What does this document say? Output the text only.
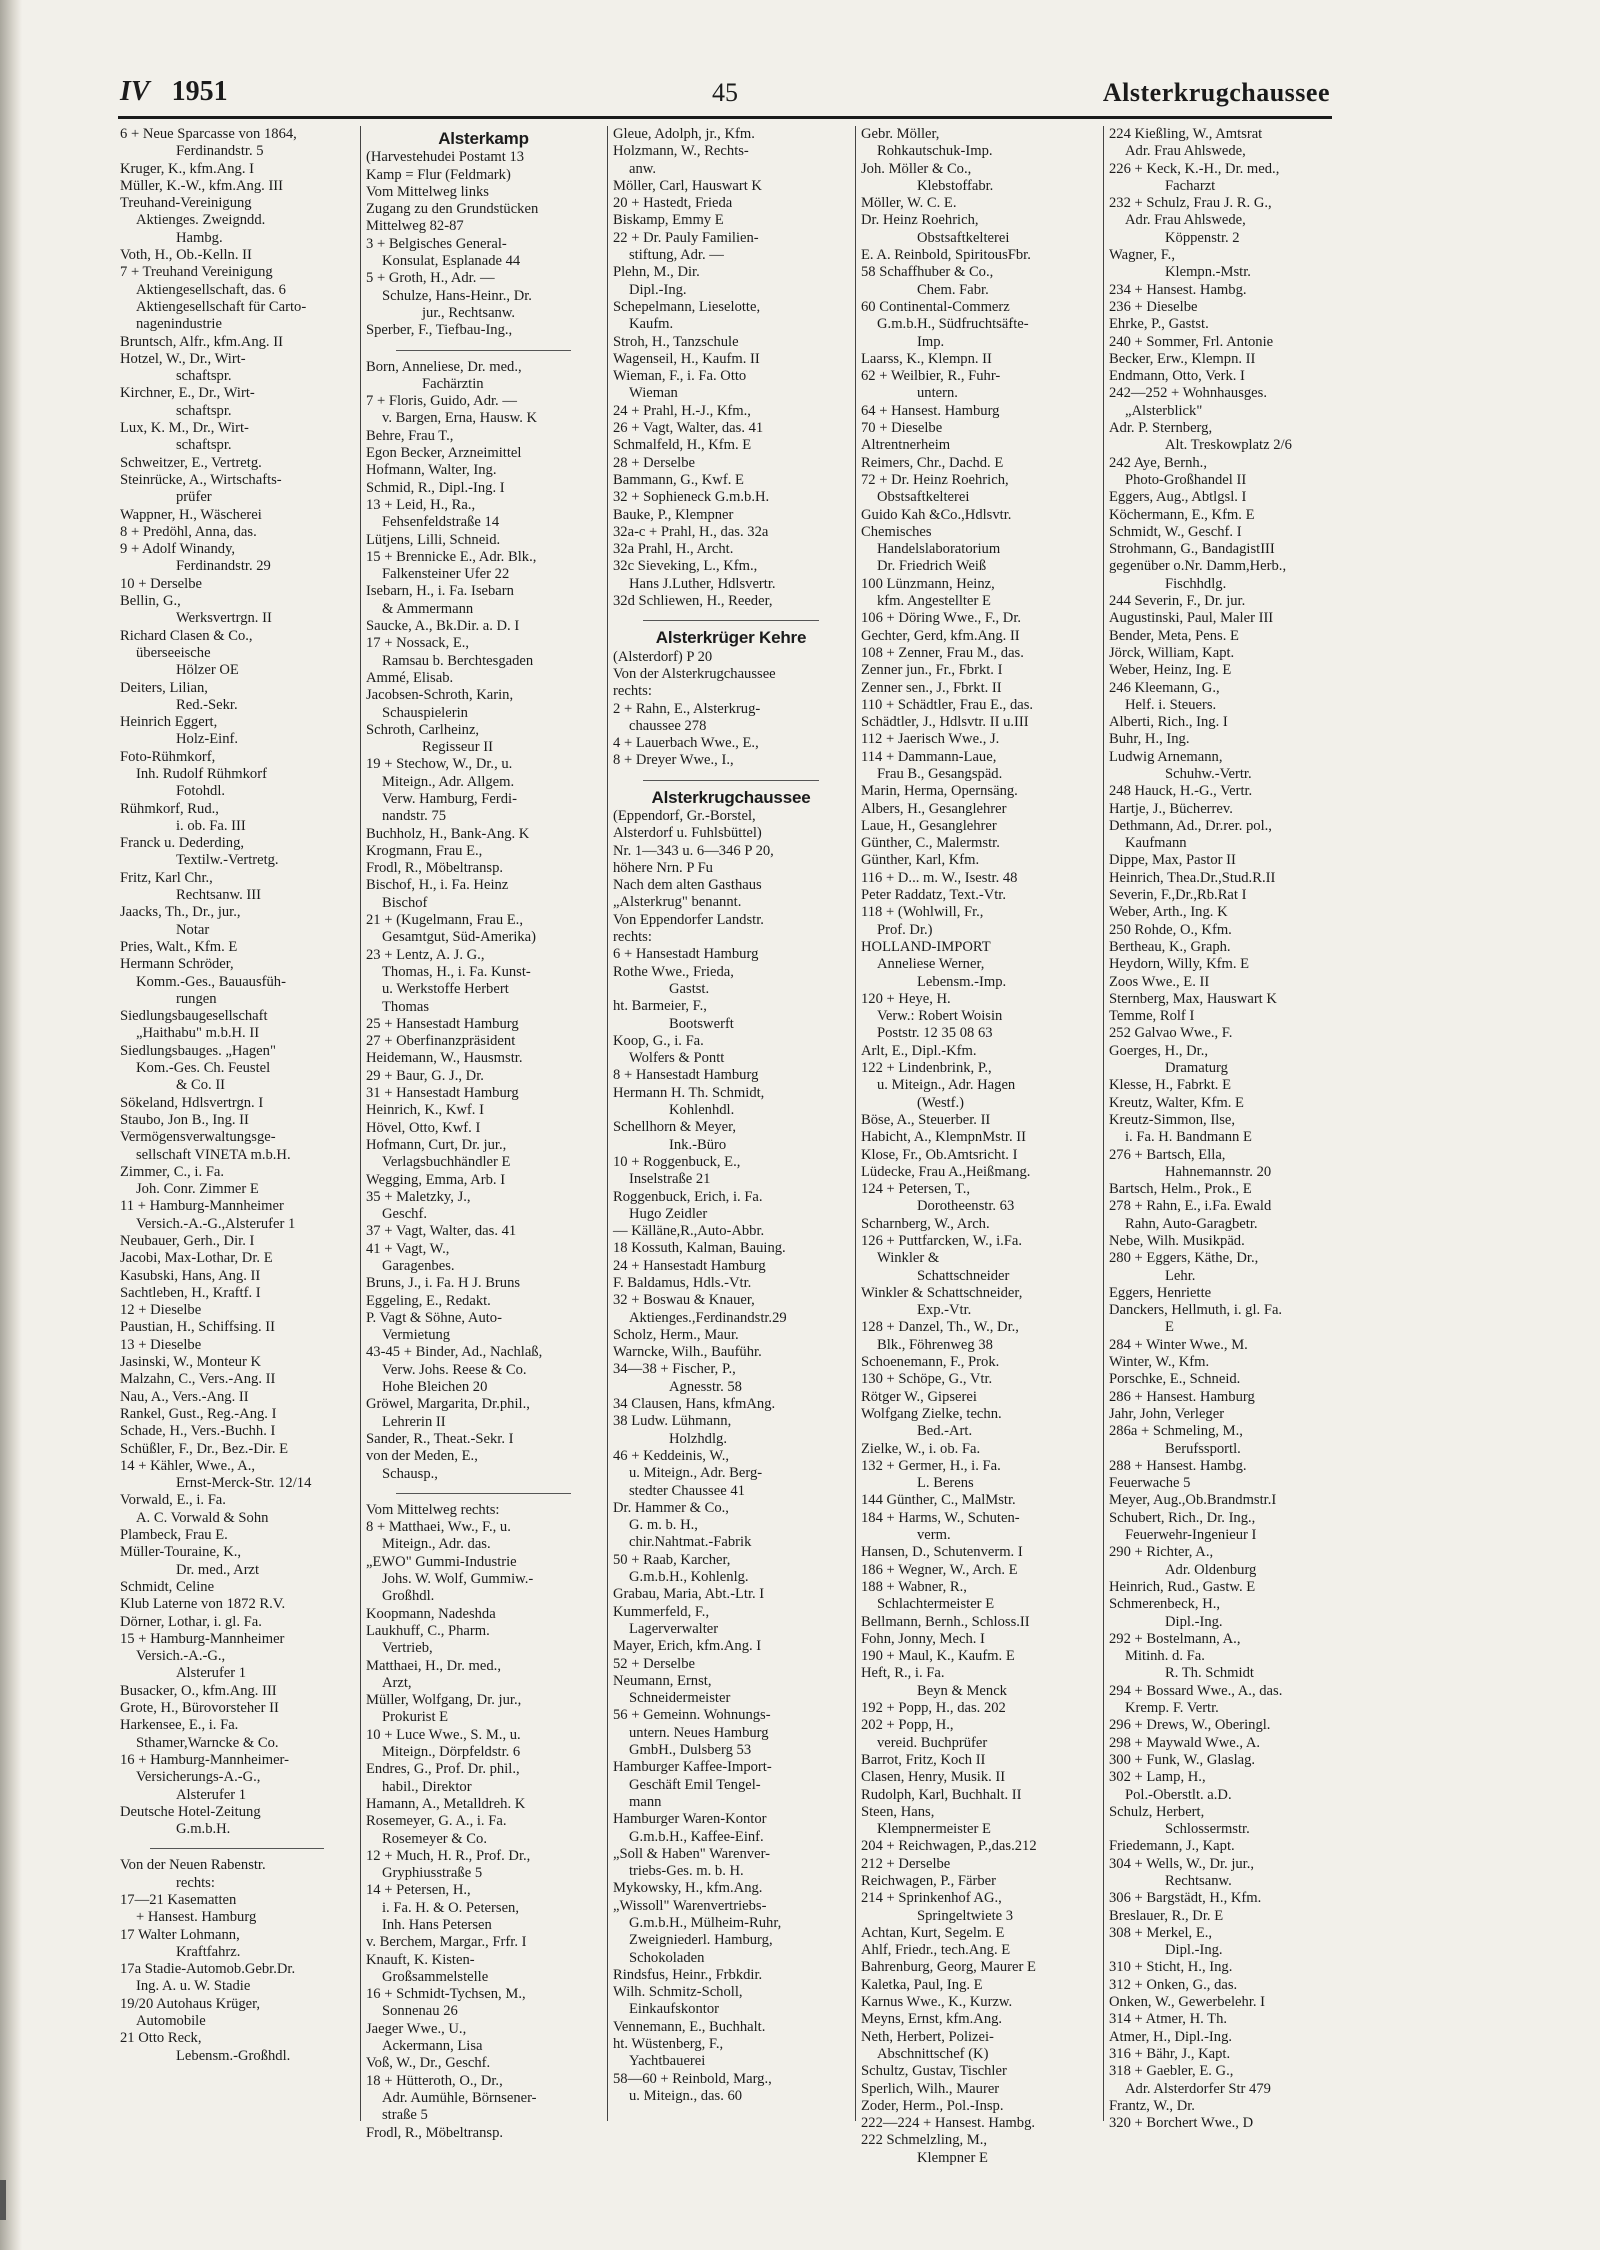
IV 1951	45	Alsterkrugchaussee
6 + Neue Sparcasse von 1864,
Ferdinandstr. 5
Kruger, K., kfm.Ang. I
Müller, K.-W., kfm.Ang. III
Treuhand-Vereinigung
Aktienges. Zweigndd.
Hambg.
Voth, H., Ob.-Kelln. II
7 + Treuhand Vereinigung
Aktiengesellschaft, das. 6
Aktiengesellschaft für Carto-
nagenindustrie
Bruntsch, Alfr., kfm.Ang. II
Hotzel, W., Dr., Wirt-
schaftspr.
Kirchner, E., Dr., Wirt-
schaftspr.
Lux, K. M., Dr., Wirt-
schaftspr.
Schweitzer, E., Vertretg.
Steinrücke, A., Wirtschafts-
prüfer
Wappner, H., Wäscherei
8 + Predöhl, Anna, das.
9 + Adolf Winandy,
Ferdinandstr. 29
10 + Derselbe
Bellin, G.,
Werksvertrgn. II
Richard Clasen & Co.,
überseeische
Hölzer OE
Deiters, Lilian,
Red.-Sekr.
Heinrich Eggert,
Holz-Einf.
Foto-Rühmkorf,
Inh. Rudolf Rühmkorf
Fotohdl.
Rühmkorf, Rud.,
i. ob. Fa. III
Franck u. Dederding,
Textilw.-Vertretg.
Fritz, Karl Chr.,
Rechtsanw. III
Jaacks, Th., Dr., jur.,
Notar
Pries, Walt., Kfm. E
Hermann Schröder,
Komm.-Ges., Bauausfüh-
rungen
Siedlungsbaugesellschaft
„Haithabu" m.b.H. II
Siedlungsbauges. „Hagen"
Kom.-Ges. Ch. Feustel
& Co. II
Sökeland, Hdlsvertrgn. I
Staubo, Jon B., Ing. II
Vermögensverwaltungsge-
sellschaft VINETA m.b.H.
Zimmer, C., i. Fa.
Joh. Conr. Zimmer E
11 + Hamburg-Mannheimer
Versich.-A.-G.,Alsterufer 1
Neubauer, Gerh., Dir. I
Jacobi, Max-Lothar, Dr. E
Kasubski, Hans, Ang. II
Sachtleben, H., Kraftf. I
12 + Dieselbe
Paustian, H., Schiffsing. II
13 + Dieselbe
Jasinski, W., Monteur K
Malzahn, C., Vers.-Ang. II
Nau, A., Vers.-Ang. II
Rankel, Gust., Reg.-Ang. I
Schade, H., Vers.-Buchh. I
Schüßler, F., Dr., Bez.-Dir. E
14 + Kähler, Wwe., A.,
Ernst-Merck-Str. 12/14
Vorwald, E., i. Fa.
A. C. Vorwald & Sohn
Plambeck, Frau E.
Müller-Touraine, K.,
Dr. med., Arzt
Schmidt, Celine
Klub Laterne von 1872 R.V.
Dörner, Lothar, i. gl. Fa.
15 + Hamburg-Mannheimer
Versich.-A.-G.,
Alsterufer 1
Busacker, O., kfm.Ang. III
Grote, H., Bürovorsteher II
Harkensee, E., i. Fa.
Sthamer,Warncke & Co.
16 + Hamburg-Mannheimer-
Versicherungs-A.-G.,
Alsterufer 1
Deutsche Hotel-Zeitung
G.m.b.H.
Von der Neuen Rabenstr.
rechts:
17—21 Kasematten
+ Hansest. Hamburg
17 Walter Lohmann,
Kraftfahrz.
17a Stadie-Automob.Gebr.Dr.
Ing. A. u. W. Stadie
19/20 Autohaus Krüger,
Automobile
21 Otto Reck,
Lebensm.-Großhdl.
Alsterkamp
(Harvestehudei Postamt 13
Kamp = Flur (Feldmark)
Vom Mittelweg links
Zugang zu den Grundstücken
Mittelweg 82-87
3 + Belgisches General-
Konsulat, Esplanade 44
5 + Groth, H., Adr. —
Schulze, Hans-Heinr., Dr.
jur., Rechtsanw.
Sperber, F., Tiefbau-Ing.,
Born, Anneliese, Dr. med.,
Fachärztin
7 + Floris, Guido, Adr. —
v. Bargen, Erna, Hausw. K
Behre, Frau T.,
Egon Becker, Arzneimittel
Hofmann, Walter, Ing.
Schmid, R., Dipl.-Ing. I
13 + Leid, H., Ra.,
Fehsenfeldstraße 14
Lütjens, Lilli, Schneid.
15 + Brennicke E., Adr. Blk.,
Falkensteiner Ufer 22
Isebarn, H., i. Fa. Isebarn
& Ammermann
Saucke, A., Bk.Dir. a. D. I
17 + Nossack, E.,
Ramsau b. Berchtesgaden
Ammé, Elisab.
Jacobsen-Schroth, Karin,
Schauspielerin
Schroth, Carlheinz,
Regisseur II
19 + Stechow, W., Dr., u.
Miteign., Adr. Allgem.
Verw. Hamburg, Ferdi-
nandstr. 75
Buchholz, H., Bank-Ang. K
Krogmann, Frau E.,
Frodl, R., Möbeltransp.
Bischof, H., i. Fa. Heinz
Bischof
21 + (Kugelmann, Frau E.,
Gesamtgut, Süd-Amerika)
23 + Lentz, A. J. G.,
Thomas, H., i. Fa. Kunst-
u. Werkstoffe Herbert
Thomas
25 + Hansestadt Hamburg
27 + Oberfinanzpräsident
Heidemann, W., Hausmstr.
29 + Baur, G. J., Dr.
31 + Hansestadt Hamburg
Heinrich, K., Kwf. I
Hövel, Otto, Kwf. I
Hofmann, Curt, Dr. jur.,
Verlagsbuchhändler E
Wegging, Emma, Arb. I
35 + Maletzky, J.,
Geschf.
37 + Vagt, Walter, das. 41
41 + Vagt, W.,
Garagenbes.
Bruns, J., i. Fa. H J. Bruns
Eggeling, E., Redakt.
P. Vagt & Söhne, Auto-
Vermietung
43-45 + Binder, Ad., Nachlaß,
Verw. Johs. Reese & Co.
Hohe Bleichen 20
Gröwel, Margarita, Dr.phil.,
Lehrerin II
Sander, R., Theat.-Sekr. I
von der Meden, E.,
Schausp.,
Vom Mittelweg rechts:
8 + Matthaei, Ww., F., u.
Miteign., Adr. das.
„EWO" Gummi-Industrie
Johs. W. Wolf, Gummiw.-
Großhdl.
Koopmann, Nadeshda
Laukhuff, C., Pharm.
Vertrieb,
Matthaei, H., Dr. med.,
Arzt,
Müller, Wolfgang, Dr. jur.,
Prokurist E
10 + Luce Wwe., S. M., u.
Miteign., Dörpfeldstr. 6
Endres, G., Prof. Dr. phil.,
habil., Direktor
Hamann, A., Metalldreh. K
Rosemeyer, G. A., i. Fa.
Rosemeyer & Co.
12 + Much, H. R., Prof. Dr.,
Gryphiusstraße 5
14 + Petersen, H.,
i. Fa. H. & O. Petersen,
Inh. Hans Petersen
v. Berchem, Margar., Frfr. I
Knauft, K. Kisten-
Großsammelstelle
16 + Schmidt-Tychsen, M.,
Sonnenau 26
Jaeger Wwe., U.,
Ackermann, Lisa
Voß, W., Dr., Geschf.
18 + Hütteroth, O., Dr.,
Adr. Aumühle, Börnsener-
straße 5
Frodl, R., Möbeltransp.
Gleue, Adolph, jr., Kfm.
Holzmann, W., Rechts-
anw.
Möller, Carl, Hauswart K
20 + Hastedt, Frieda
Biskamp, Emmy E
22 + Dr. Pauly Familien-
stiftung, Adr. —
Plehn, M., Dir.
Dipl.-Ing.
Schepelmann, Lieselotte,
Kaufm.
Stroh, H., Tanzschule
Wagenseil, H., Kaufm. II
Wieman, F., i. Fa. Otto
Wieman
24 + Prahl, H.-J., Kfm.,
26 + Vagt, Walter, das. 41
Schmalfeld, H., Kfm. E
28 + Derselbe
Bammann, G., Kwf. E
32 + Sophieneck G.m.b.H.
Bauke, P., Klempner
32a-c + Prahl, H., das. 32a
32a Prahl, H., Archt.
32c Sieveking, L., Kfm.,
Hans J.Luther, Hdlsvertr.
32d Schliewen, H., Reeder,
Alsterkrüger Kehre
(Alsterdorf) P 20
Von der Alsterkrugchaussee
rechts:
2 + Rahn, E., Alsterkrug-
chaussee 278
4 + Lauerbach Wwe., E.,
8 + Dreyer Wwe., I.,
Alsterkrugchaussee
(Eppendorf, Gr.-Borstel,
Alsterdorf u. Fuhlsbüttel)
Nr. 1—343 u. 6—346 P 20,
höhere Nrn. P Fu
Nach dem alten Gasthaus
„Alsterkrug" benannt.
Von Eppendorfer Landstr.
rechts:
6 + Hansestadt Hamburg
Rothe Wwe., Frieda,
Gastst.
ht. Barmeier, F.,
Bootswerft
Koop, G., i. Fa.
Wolfers & Pontt
8 + Hansestadt Hamburg
Hermann H. Th. Schmidt,
Kohlenhdl.
Schellhorn & Meyer,
Ink.-Büro
10 + Roggenbuck, E.,
Inselstraße 21
Roggenbuck, Erich, i. Fa.
Hugo Zeidler
— Källäne,R.,Auto-Abbr.
18 Kossuth, Kalman, Bauing.
24 + Hansestadt Hamburg
F. Baldamus, Hdls.-Vtr.
32 + Boswau & Knauer,
Aktienges.,Ferdinandstr.29
Scholz, Herm., Maur.
Warncke, Wilh., Bauführ.
34—38 + Fischer, P.,
Agnesstr. 58
34 Clausen, Hans, kfmAng.
38 Ludw. Lühmann,
Holzhdlg.
46 + Keddeinis, W.,
u. Miteign., Adr. Berg-
stedter Chaussee 41
Dr. Hammer & Co.,
G. m. b. H.,
chir.Nahtmat.-Fabrik
50 + Raab, Karcher,
G.m.b.H., Kohlenlg.
Grabau, Maria, Abt.-Ltr. I
Kummerfeld, F.,
Lagerverwalter
Mayer, Erich, kfm.Ang. I
52 + Derselbe
Neumann, Ernst,
Schneidermeister
56 + Gemeinn. Wohnungs-
untern. Neues Hamburg
GmbH., Dulsberg 53
Hamburger Kaffee-Import-
Geschäft Emil Tengel-
mann
Hamburger Waren-Kontor
G.m.b.H., Kaffee-Einf.
„Soll & Haben" Warenver-
triebs-Ges. m. b. H.
Mykowsky, H., kfm.Ang.
„Wissoll" Warenvertriebs-
G.m.b.H., Mülheim-Ruhr,
Zweigniederl. Hamburg,
Schokoladen
Rindsfus, Heinr., Frbkdir.
Wilh. Schmitz-Scholl,
Einkaufskontor
Vennemann, E., Buchhalt.
ht. Wüstenberg, F.,
Yachtbauerei
58—60 + Reinbold, Marg.,
u. Miteign., das. 60
Gebr. Möller,
Rohkautschuk-Imp.
Joh. Möller & Co.,
Klebstoffabr.
Möller, W. C. E.
Dr. Heinz Roehrich,
Obstsaftkelterei
E. A. Reinbold, SpiritousFbr.
58 Schaffhuber & Co.,
Chem. Fabr.
60 Continental-Commerz
G.m.b.H., Südfruchtsäfte-
Imp.
Laarss, K., Klempn. II
62 + Weilbier, R., Fuhr-
untern.
64 + Hansest. Hamburg
70 + Dieselbe
Altrentnerheim
Reimers, Chr., Dachd. E
72 + Dr. Heinz Roehrich,
Obstsaftkelterei
Guido Kah &Co.,Hdlsvtr.
Chemisches
Handelslaboratorium
Dr. Friedrich Weiß
100 Lünzmann, Heinz,
kfm. Angestellter E
106 + Döring Wwe., F., Dr.
Gechter, Gerd, kfm.Ang. II
108 + Zenner, Frau M., das.
Zenner jun., Fr., Fbrkt. I
Zenner sen., J., Fbrkt. II
110 + Schädtler, Frau E., das.
Schädtler, J., Hdlsvtr. II u.III
112 + Jaerisch Wwe., J.
114 + Dammann-Laue,
Frau B., Gesangspäd.
Marin, Herma, Opernsäng.
Albers, H., Gesanglehrer
Laue, H., Gesanglehrer
Günther, C., Malermstr.
Günther, Karl, Kfm.
116 + D... m. W., Isestr. 48
Peter Raddatz, Text.-Vtr.
118 + (Wohlwill, Fr.,
Prof. Dr.)
HOLLAND-IMPORT
Anneliese Werner,
Lebensm.-Imp.
120 + Heye, H.
Verw.: Robert Woisin
Poststr. 12 35 08 63
Arlt, E., Dipl.-Kfm.
122 + Lindenbrink, P.,
u. Miteign., Adr. Hagen
(Westf.)
Böse, A., Steuerber. II
Habicht, A., KlempnMstr. II
Klose, Fr., Ob.Amtsricht. I
Lüdecke, Frau A.,Heißmang.
124 + Petersen, T.,
Dorotheenstr. 63
Scharnberg, W., Arch.
126 + Puttfarcken, W., i.Fa.
Winkler &
Schattschneider
Winkler & Schattschneider,
Exp.-Vtr.
128 + Danzel, Th., W., Dr.,
Blk., Föhrenweg 38
Schoenemann, F., Prok.
130 + Schöpe, G., Vtr.
Rötger W., Gipserei
Wolfgang Zielke, techn.
Bed.-Art.
Zielke, W., i. ob. Fa.
132 + Germer, H., i. Fa.
L. Berens
144 Günther, C., MalMstr.
184 + Harms, W., Schuten-
verm.
Hansen, D., Schutenverm. I
186 + Wegner, W., Arch. E
188 + Wabner, R.,
Schlachtermeister E
Bellmann, Bernh., Schloss.II
Fohn, Jonny, Mech. I
190 + Maul, K., Kaufm. E
Heft, R., i. Fa.
Beyn & Menck
192 + Popp, H., das. 202
202 + Popp, H.,
vereid. Buchprüfer
Barrot, Fritz, Koch II
Clasen, Henry, Musik. II
Rudolph, Karl, Buchhalt. II
Steen, Hans,
Klempnermeister E
204 + Reichwagen, P.,das.212
212 + Derselbe
Reichwagen, P., Färber
214 + Sprinkenhof AG.,
Springeltwiete 3
Achtan, Kurt, Segelm. E
Ahlf, Friedr., tech.Ang. E
Bahrenburg, Georg, Maurer E
Kaletka, Paul, Ing. E
Karnus Wwe., K., Kurzw.
Meyns, Ernst, kfm.Ang.
Neth, Herbert, Polizei-
Abschnittschef (K)
Schultz, Gustav, Tischler
Sperlich, Wilh., Maurer
Zoder, Herm., Pol.-Insp.
222—224 + Hansest. Hambg.
222 Schmelzling, M.,
Klempner E
224 Kießling, W., Amtsrat
Adr. Frau Ahlswede,
226 + Keck, K.-H., Dr. med.,
Facharzt
232 + Schulz, Frau J. R. G.,
Adr. Frau Ahlswede,
Köppenstr. 2
Wagner, F.,
Klempn.-Mstr.
234 + Hansest. Hambg.
236 + Dieselbe
Ehrke, P., Gastst.
240 + Sommer, Frl. Antonie
Becker, Erw., Klempn. II
Endmann, Otto, Verk. I
242—252 + Wohnhausges.
„Alsterblick"
Adr. P. Sternberg,
Alt. Treskowplatz 2/6
242 Aye, Bernh.,
Photo-Großhandel II
Eggers, Aug., Abtlgsl. I
Köchermann, E., Kfm. E
Schmidt, W., Geschf. I
Strohmann, G., BandagistIII
gegenüber o.Nr. Damm,Herb.,
Fischhdlg.
244 Severin, F., Dr. jur.
Augustinski, Paul, Maler III
Bender, Meta, Pens. E
Jörck, William, Kapt.
Weber, Heinz, Ing. E
246 Kleemann, G.,
Helf. i. Steuers.
Alberti, Rich., Ing. I
Buhr, H., Ing.
Ludwig Arnemann,
Schuhw.-Vertr.
248 Hauck, H.-G., Vertr.
Hartje, J., Bücherrev.
Dethmann, Ad., Dr.rer. pol.,
Kaufmann
Dippe, Max, Pastor II
Heinrich, Thea.Dr.,Stud.R.II
Severin, F.,Dr.,Rb.Rat I
Weber, Arth., Ing. K
250 Rohde, O., Kfm.
Bertheau, K., Graph.
Heydorn, Willy, Kfm. E
Zoos Wwe., E. II
Sternberg, Max, Hauswart K
Temme, Rolf I
252 Galvao Wwe., F.
Goerges, H., Dr.,
Dramaturg
Klesse, H., Fabrkt. E
Kreutz, Walter, Kfm. E
Kreutz-Simmon, Ilse,
i. Fa. H. Bandmann E
276 + Bartsch, Ella,
Hahnemannstr. 20
Bartsch, Helm., Prok., E
278 + Rahn, E., i.Fa. Ewald
Rahn, Auto-Garagbetr.
Nebe, Wilh. Musikpäd.
280 + Eggers, Käthe, Dr.,
Lehr.
Eggers, Henriette
Danckers, Hellmuth, i. gl. Fa.
E
284 + Winter Wwe., M.
Winter, W., Kfm.
Porschke, E., Schneid.
286 + Hansest. Hamburg
Jahr, John, Verleger
286a + Schmeling, M.,
Berufssportl.
288 + Hansest. Hambg.
Feuerwache 5
Meyer, Aug.,Ob.Brandmstr.I
Schubert, Rich., Dr. Ing.,
Feuerwehr-Ingenieur I
290 + Richter, A.,
Adr. Oldenburg
Heinrich, Rud., Gastw. E
Schmerenbeck, H.,
Dipl.-Ing.
292 + Bostelmann, A.,
Mitinh. d. Fa.
R. Th. Schmidt
294 + Bossard Wwe., A., das.
Kremp. F. Vertr.
296 + Drews, W., Oberingl.
298 + Maywald Wwe., A.
300 + Funk, W., Glaslag.
302 + Lamp, H.,
Pol.-Oberstlt. a.D.
Schulz, Herbert,
Schlossermstr.
Friedemann, J., Kapt.
304 + Wells, W., Dr. jur.,
Rechtsanw.
306 + Bargstädt, H., Kfm.
Breslauer, R., Dr. E
308 + Merkel, E.,
Dipl.-Ing.
310 + Sticht, H., Ing.
312 + Onken, G., das.
Onken, W., Gewerbelehr. I
314 + Atmer, H. Th.
Atmer, H., Dipl.-Ing.
316 + Bähr, J., Kapt.
318 + Gaebler, E. G.,
Adr. Alsterdorfer Str 479
Frantz, W., Dr.
320 + Borchert Wwe., D
